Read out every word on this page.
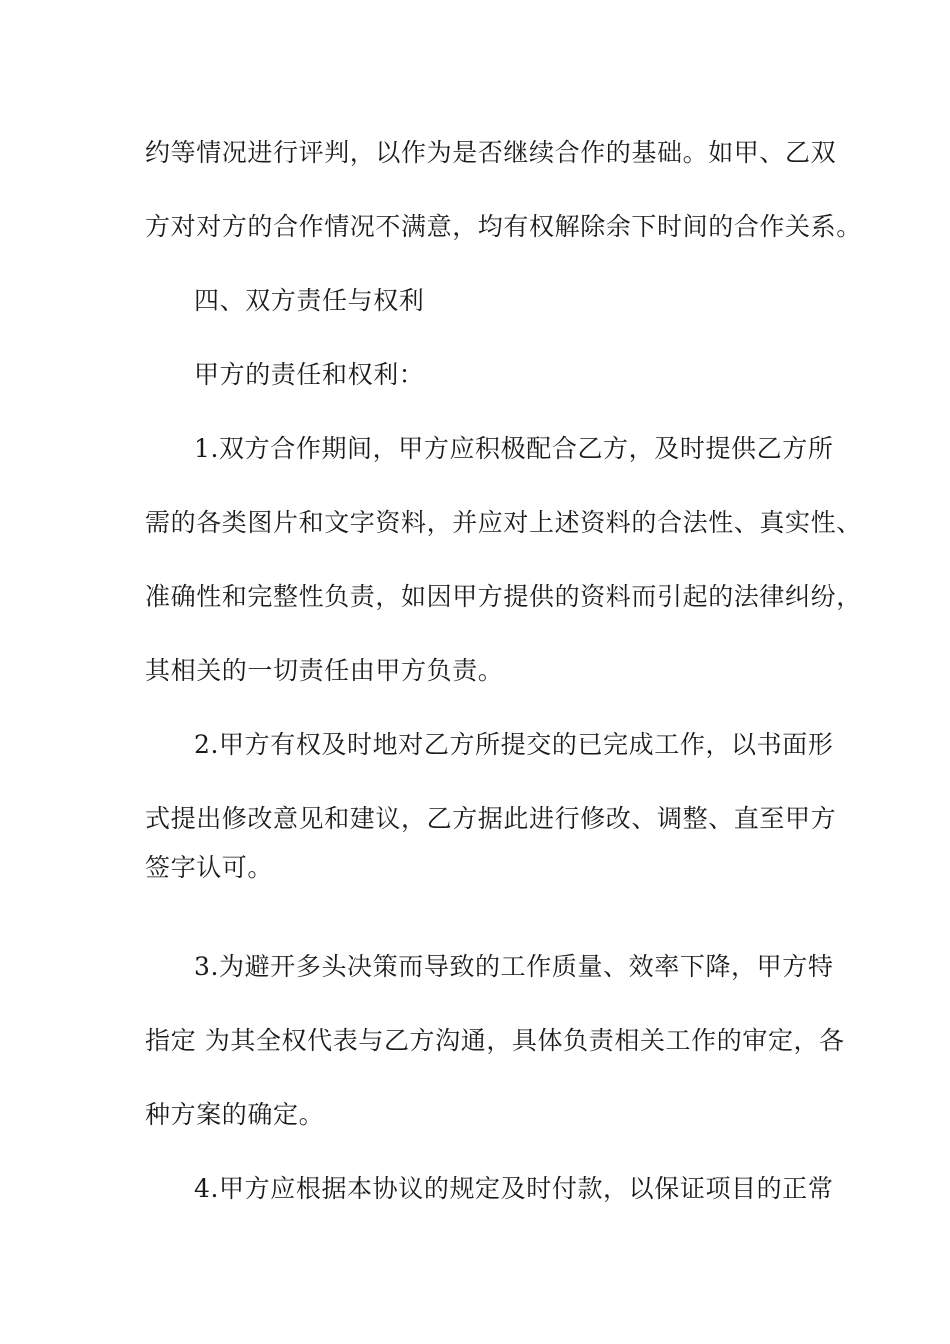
约等情况进行评判，以作为是否继续合作的基础。如甲、乙双
方对对方的合作情况不满意，均有权解除余下时间的合作关系。
四、双方责任与权利
甲方的责任和权利：
1.双方合作期间，甲方应积极配合乙方，及时提供乙方所
需的各类图片和文字资料，并应对上述资料的合法性、真实性、
准确性和完整性负责，如因甲方提供的资料而引起的法律纠纷，
其相关的一切责任由甲方负责。
2.甲方有权及时地对乙方所提交的已完成工作，以书面形
式提出修改意见和建议，乙方据此进行修改、调整、直至甲方
签字认可。
3.为避开多头决策而导致的工作质量、效率下降，甲方特
指定 为其全权代表与乙方沟通，具体负责相关工作的审定，各
种方案的确定。
4.甲方应根据本协议的规定及时付款，以保证项目的正常
